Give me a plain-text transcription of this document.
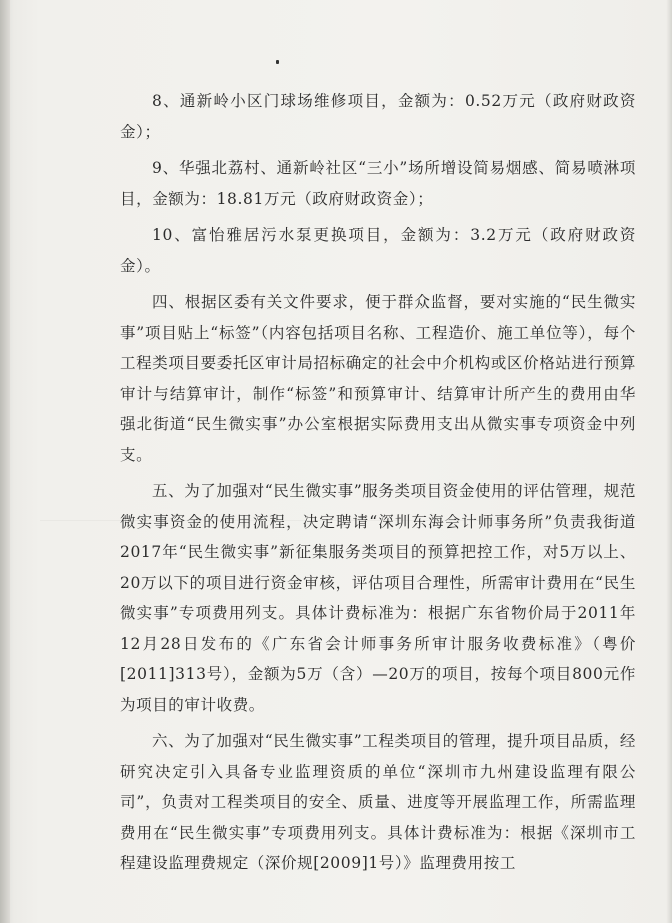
8、通新岭小区门球场维修项目，金额为：0.52万元（政府财政资金）；

9、华强北荔村、通新岭社区“三小”场所增设简易烟感、简易喷淋项目，金额为：18.81万元（政府财政资金）；

10、富怡雅居污水泵更换项目，金额为：3.2万元（政府财政资金）。

四、根据区委有关文件要求，便于群众监督，要对实施的“民生微实事”项目贴上“标签”（内容包括项目名称、工程造价、施工单位等），每个工程类项目要委托区审计局招标确定的社会中介机构或区价格站进行预算审计与结算审计，制作“标签”和预算审计、结算审计所产生的费用由华强北街道“民生微实事”办公室根据实际费用支出从微实事专项资金中列支。

五、为了加强对“民生微实事”服务类项目资金使用的评估管理，规范微实事资金的使用流程，决定聘请“深圳东海会计师事务所”负责我街道2017年“民生微实事”新征集服务类项目的预算把控工作，对5万以上、20万以下的项目进行资金审核，评估项目合理性，所需审计费用在“民生微实事”专项费用列支。具体计费标准为：根据广东省物价局于2011年12月28日发布的《广东省会计师事务所审计服务收费标准》（粤价[2011]313号），金额为5万（含）—20万的项目，按每个项目800元作为项目的审计收费。

六、为了加强对“民生微实事”工程类项目的管理，提升项目品质，经研究决定引入具备专业监理资质的单位“深圳市九州建设监理有限公司”，负责对工程类项目的安全、质量、进度等开展监理工作，所需监理费用在“民生微实事”专项费用列支。具体计费标准为：根据《深圳市工程建设监理费规定（深价规[2009]1号）》监理费用按工
